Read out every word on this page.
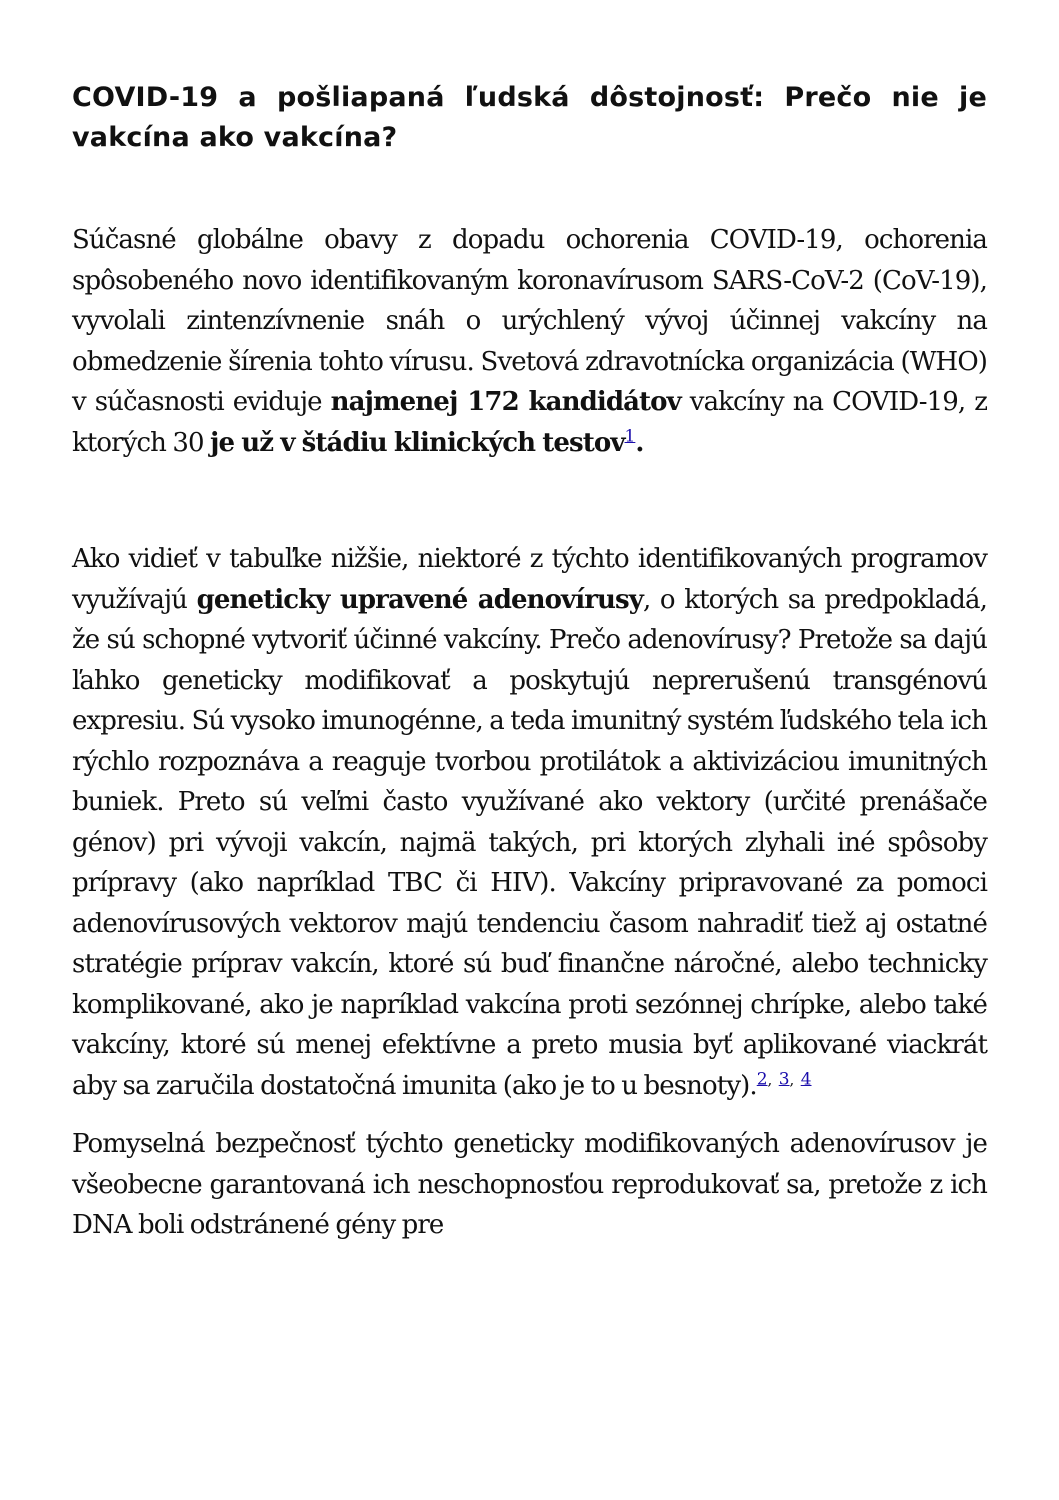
COVID-19 a pošliapaná ľudská dôstojnosť: Prečo nie je vakcína ako vakcína?

Súčasné globálne obavy z dopadu ochorenia COVID-19, ochorenia spôsobeného novo identifikovaným koronavírusom SARS-CoV-2 (CoV-19), vyvolali zintenzívnenie snáh o urýchlený vývoj účinnej vakcíny na obmedzenie šírenia tohto vírusu. Svetová zdravotnícka organizácia (WHO) v súčasnosti eviduje najmenej 172 kandidátov vakcíny na COVID-19, z ktorých 30 je už v štádiu klinických testov$^1$.

Ako vidieť v tabuľke nižšie, niektoré z týchto identifikovaných programov využívajú geneticky upravené adenovírusy, o ktorých sa predpokladá, že sú schopné vytvoriť účinné vakcíny. Prečo adenovírusy? Pretože sa dajú ľahko geneticky modifikovať a poskytujú neprerušenú transgénovú expresiu. Sú vysoko imunogénne, a teda imunitný systém ľudského tela ich rýchlo rozpoznáva a reaguje tvorbou protilátok a aktivizáciou imunitných buniek. Preto sú veľmi často využívané ako vektory (určité prenášače génov) pri vývoji vakcín, najmä takých, pri ktorých zlyhali iné spôsoby prípravy (ako napríklad TBC či HIV). Vakcíny pripravované za pomoci adenovírusových vektorov majú tendenciu časom nahradiť tiež aj ostatné stratégie príprav vakcín, ktoré sú buď finančne náročné, alebo technicky komplikované, ako je napríklad vakcína proti sezónnej chrípke, alebo také vakcíny, ktoré sú menej efektívne a preto musia byť aplikované viackrát aby sa zaručila dostatočná imunita (ako je to u besnoty).$^{2,}$ $^{3,}$ $^4$

Pomyselná bezpečnosť týchto geneticky modifikovaných adenovírusov je všeobecne garantovaná ich neschopnosťou reprodukovať sa, pretože z ich DNA boli odstránené gény pre
